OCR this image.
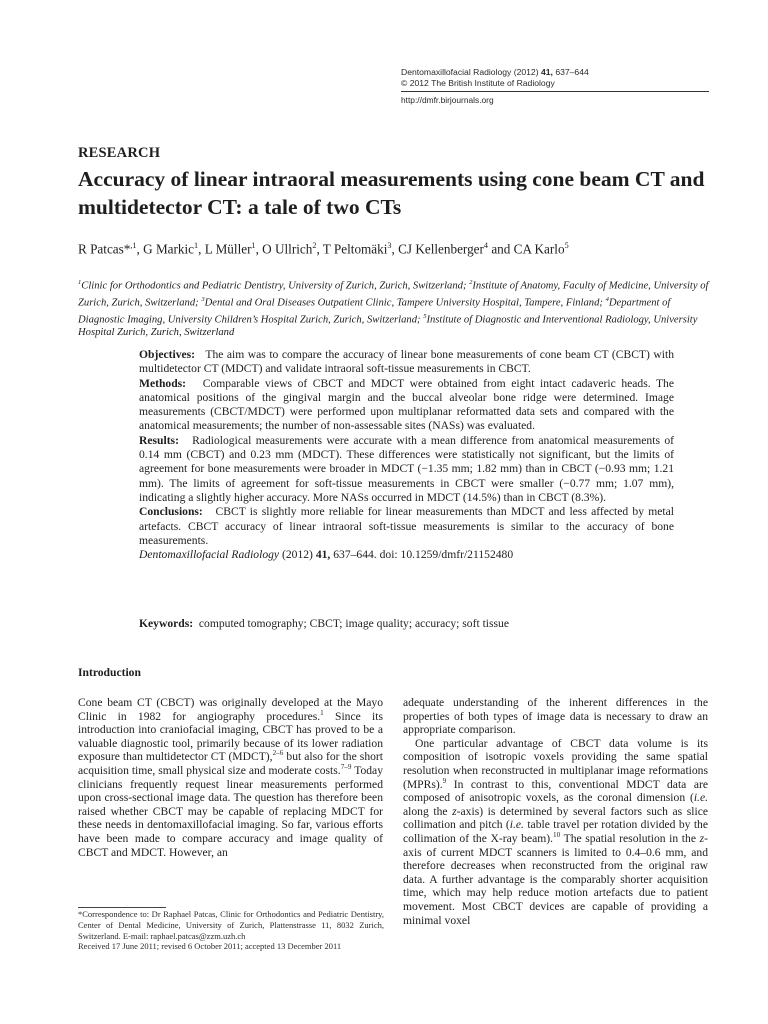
Dentomaxillofacial Radiology (2012) 41, 637–644
© 2012 The British Institute of Radiology
http://dmfr.birjournals.org
RESEARCH
Accuracy of linear intraoral measurements using cone beam CT and multidetector CT: a tale of two CTs
R Patcas*$^{,1}$, G Markic$^1$, L Müller$^1$, O Ullrich$^2$, T Peltomäki$^3$, CJ Kellenberger$^4$ and CA Karlo$^5$
$^1$Clinic for Orthodontics and Pediatric Dentistry, University of Zurich, Zurich, Switzerland; $^2$Institute of Anatomy, Faculty of Medicine, University of Zurich, Zurich, Switzerland; $^3$Dental and Oral Diseases Outpatient Clinic, Tampere University Hospital, Tampere, Finland; $^4$Department of Diagnostic Imaging, University Children’s Hospital Zurich, Zurich, Switzerland; $^5$Institute of Diagnostic and Interventional Radiology, University Hospital Zurich, Zurich, Switzerland

Objectives: The aim was to compare the accuracy of linear bone measurements of cone beam CT (CBCT) with multidetector CT (MDCT) and validate intraoral soft-tissue measurements in CBCT.

Methods: Comparable views of CBCT and MDCT were obtained from eight intact cadaveric heads. The anatomical positions of the gingival margin and the buccal alveolar bone ridge were determined. Image measurements (CBCT/MDCT) were performed upon multiplanar reformatted data sets and compared with the anatomical measurements; the number of non-assessable sites (NASs) was evaluated.

Results: Radiological measurements were accurate with a mean difference from anatomical measurements of 0.14 mm (CBCT) and 0.23 mm (MDCT). These differences were statistically not significant, but the limits of agreement for bone measurements were broader in MDCT (−1.35 mm; 1.82 mm) than in CBCT (−0.93 mm; 1.21 mm). The limits of agreement for soft-tissue measurements in CBCT were smaller (−0.77 mm; 1.07 mm), indicating a slightly higher accuracy. More NASs occurred in MDCT (14.5%) than in CBCT (8.3%).

Conclusions: CBCT is slightly more reliable for linear measurements than MDCT and less affected by metal artefacts. CBCT accuracy of linear intraoral soft-tissue measurements is similar to the accuracy of bone measurements.

Dentomaxillofacial Radiology (2012) 41, 637–644. doi: 10.1259/dmfr/21152480

Keywords: computed tomography; CBCT; image quality; accuracy; soft tissue
Introduction

Cone beam CT (CBCT) was originally developed at the Mayo Clinic in 1982 for angiography procedures.$^1$ Since its introduction into craniofacial imaging, CBCT has proved to be a valuable diagnostic tool, primarily because of its lower radiation exposure than multidetector CT (MDCT),$^{2-6}$ but also for the short acquisition time, small physical size and moderate costs.$^{7-9}$ Today clinicians frequently request linear measurements performed upon cross-sectional image data. The question has therefore been raised whether CBCT may be capable of replacing MDCT for these needs in dentomaxillofacial imaging. So far, various efforts have been made to compare accuracy and image quality of CBCT and MDCT. However, an

adequate understanding of the inherent differences in the properties of both types of image data is necessary to draw an appropriate comparison.

One particular advantage of CBCT data volume is its composition of isotropic voxels providing the same spatial resolution when reconstructed in multiplanar image reformations (MPRs).$^9$ In contrast to this, conventional MDCT data are composed of anisotropic voxels, as the coronal dimension (i.e. along the z-axis) is determined by several factors such as slice collimation and pitch (i.e. table travel per rotation divided by the collimation of the X-ray beam).$^{10}$ The spatial resolution in the z-axis of current MDCT scanners is limited to 0.4–0.6 mm, and therefore decreases when reconstructed from the original raw data. A further advantage is the comparably shorter acquisition time, which may help reduce motion artefacts due to patient movement. Most CBCT devices are capable of providing a minimal voxel

*Correspondence to: Dr Raphael Patcas, Clinic for Orthodontics and Pediatric Dentistry, Center of Dental Medicine, University of Zurich, Plattenstrasse 11, 8032 Zurich, Switzerland. E-mail: raphael.patcas@zzm.uzh.ch

Received 17 June 2011; revised 6 October 2011; accepted 13 December 2011
